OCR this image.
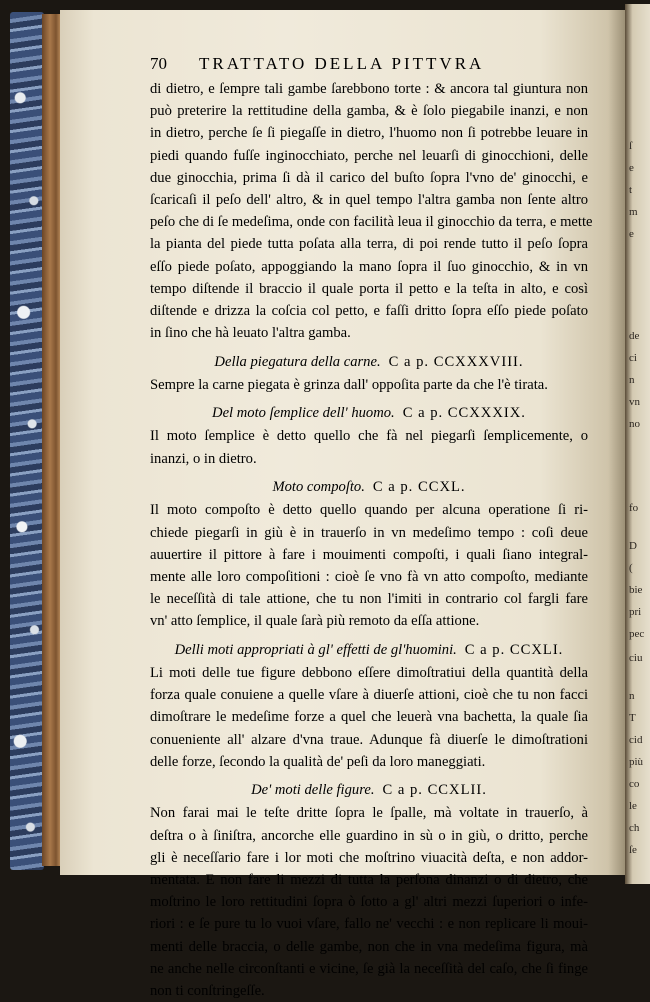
70 TRATTATO DELLA PITTVRA
di dietro, e ſempre tali gambe ſarebbono torte : & ancora tal giuntura non
può preterire la rettitudine della gamba, & è ſolo piegabile inanzi, e non
in dietro, perche ſe ſi piegaſſe in dietro, l'huomo non ſi potrebbe leuare in
piedi quando fuſſe inginocchiato, perche nel leuarſi di ginocchioni, delle
due ginocchia, prima ſi dà il carico del buſto ſopra l'vno de' ginocchi, e
ſcaricaſi il peſo dell' altro, & in quel tempo l'altra gamba non ſente altro
peſo che di ſe medeſima, onde con facilità leua il ginocchio da terra, e mette
la pianta del piede tutta poſata alla terra, di poi rende tutto il peſo ſopra
eſſo piede poſato, appoggiando la mano ſopra il ſuo ginocchio, & in vn
tempo diſtende il braccio il quale porta il petto e la teſta in alto, e così
diſtende e drizza la coſcia col petto, e faſſi dritto ſopra eſſo piede poſato
in ſino che hà leuato l'altra gamba.
Della piegatura della carne. C a p. CCXXXVIII.
Sempre la carne piegata è grinza dall' oppoſita parte da che l'è tirata.
Del moto ſemplice dell' huomo. C a p. CCXXXIX.
Il moto ſemplice è detto quello che fà nel piegarſi ſemplicemente, o
inanzi, o in dietro.
Moto compoſto. C a p. CCXL.
Il moto compoſto è detto quello quando per alcuna operatione ſi ri-
chiede piegarſi in giù è in trauerſo in vn medeſimo tempo : coſi deue
auuertire il pittore à fare i mouimenti compoſti, i quali ſiano integral-
mente alle loro compoſitioni : cioè ſe vno fà vn atto compoſto, mediante
le neceſſità di tale attione, che tu non l'imiti in contrario col fargli fare
vn' atto ſemplice, il quale ſarà più remoto da eſſa attione.
Delli moti appropriati à gl' effetti de gl'huomini. C a p. CCXLI.
Li moti delle tue figure debbono eſſere dimoſtratiui della quantità della
forza quale conuiene a quelle vſare à diuerſe attioni, cioè che tu non facci
dimoſtrare le medeſime forze a quel che leuerà vna bachetta, la quale ſia
conueniente all' alzare d'vna traue. Adunque fà diuerſe le dimoſtrationi
delle forze, ſecondo la qualità de' peſi da loro maneggiati.
De' moti delle figure. C a p. CCXLII.
Non farai mai le teſte dritte ſopra le ſpalle, mà voltate in trauerſo, à
deſtra o à ſiniſtra, ancorche elle guardino in sù o in giù, o dritto, perche
gli è neceſſario fare i lor moti che moſtrino viuacità deſta, e non addor-
mentata. E non fare li mezzi di tutta la perſona dinanzi o di dietro, che
moſtrino le loro rettitudini ſopra ò ſotto a gl' altri mezzi ſuperiori o infe-
riori : e ſe pure tu lo vuoi vſare, fallo ne' vecchi : e non replicare li moui-
menti delle braccia, o delle gambe, non che in vna medeſima figura, mà
ne anche nelle circonſtanti e vicine, ſe già la neceſſità del caſo, che ſi finge
non ti conſtringeſſe.
ſ
e
t
m
e
de
ci
n
vn
no
fo
D
(
bie
pri
pec
ciu
n
T
cid
più
co
le
ch
ſe
